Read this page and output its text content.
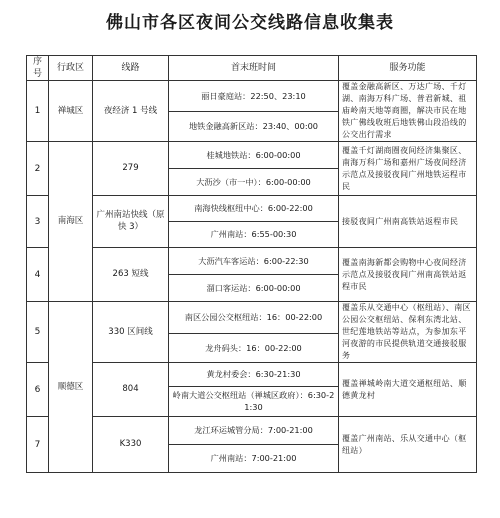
佛山市各区夜间公交线路信息收集表
序号	行政区	线路	首末班时间	服务功能
1	禅城区	夜经济 1 号线	丽日豪庭站：22:50、23:10	覆盖金融高新区、万达广场、千灯湖、南海万科广场、普君新城、祖庙岭南天地等商圈，解决市民在地铁广佛线收班后地铁佛山段沿线的公交出行需求
			地铁金融高新区站：23:40、00:00	
2	南海区	279	桂城地铁站：6:00-00:00	覆盖千灯湖商圈夜间经济集聚区、南海万科广场和嘉州广场夜间经济示范点及接驳夜间广州地铁运程市民
			大沥沙（市一中）：6:00-00:00	
3		广州南站快线（原快 3）	南海快线枢纽中心：6:00-22:00	接驳夜间广州南高铁站返程市民
			广州南站：6:55-00:30	
4		263 短线	大沥汽车客运站：6:00-22:30	覆盖南海新都会购物中心夜间经济示范点及接驳夜间广州南高铁站返程市民
			溜口客运站：6:00-00:00	
5	顺德区	330 区间线	南区公园公交枢纽站：16：00-22:00	覆盖乐从交通中心（枢纽站）、南区公园公交枢纽站、保利东湾北站、世纪莲地铁站等站点，为参加东平河夜游的市民提供轨道交通接驳服务
			龙舟码头：16：00-22:00	
6		804	黄龙村委会：6:30-21:30	覆盖禅城岭南大道交通枢纽站、顺德黄龙村
			岭南大道公交枢纽站（禅城区政府）：6:30-21:30	
7		K330	龙江环运城管分局：7:00-21:00	覆盖广州南站、乐从交通中心（枢纽站）
			广州南站：7:00-21:00	
